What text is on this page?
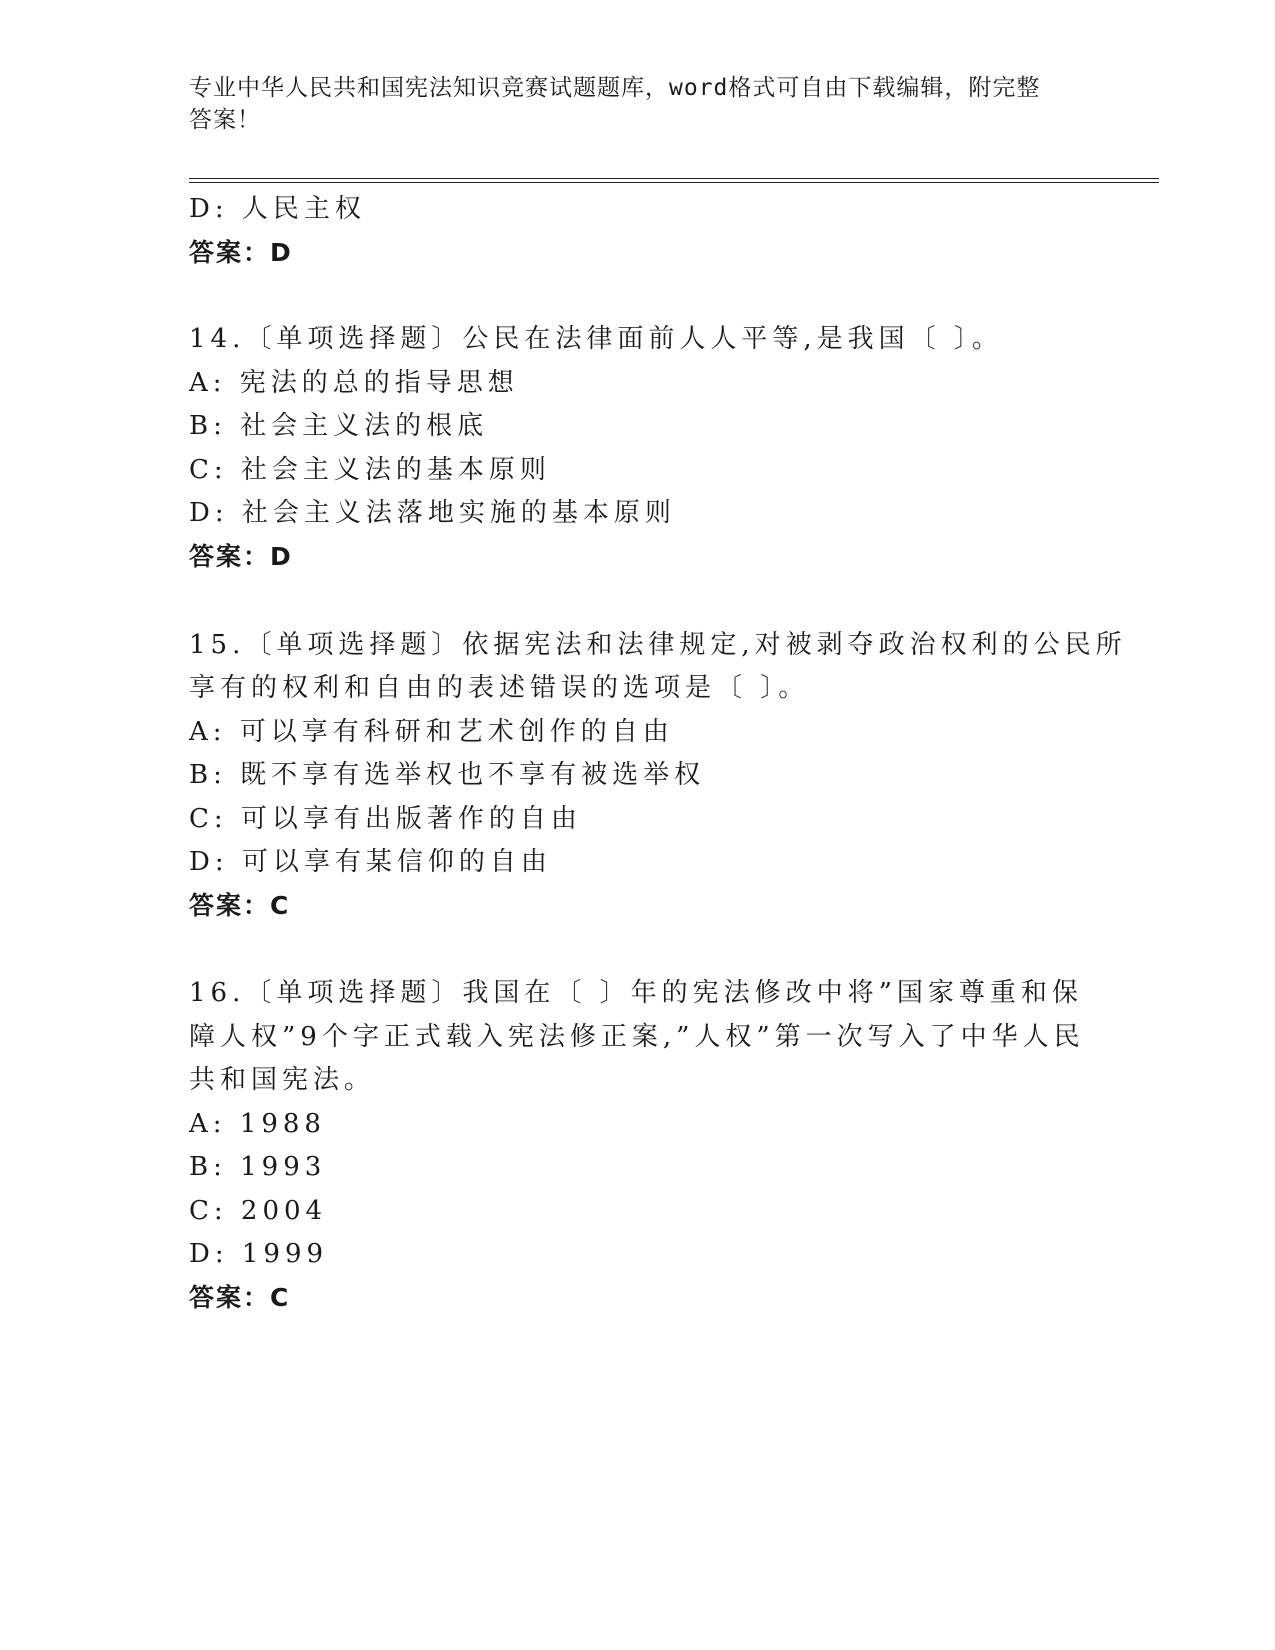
专业中华人民共和国宪法知识竞赛试题题库，word格式可自由下载编辑，附完整
答案！
D: 人民主权
答案：D
14.〔单项选择题〕公民在法律面前人人平等,是我国〔 〕。
A: 宪法的总的指导思想
B: 社会主义法的根底
C: 社会主义法的基本原则
D: 社会主义法落地实施的基本原则
答案：D
15.〔单项选择题〕依据宪法和法律规定,对被剥夺政治权利的公民所
享有的权利和自由的表述错误的选项是〔 〕。
A: 可以享有科研和艺术创作的自由
B: 既不享有选举权也不享有被选举权
C: 可以享有出版著作的自由
D: 可以享有某信仰的自由
答案：C
16.〔单项选择题〕我国在〔 〕年的宪法修改中将”国家尊重和保
障人权”9个字正式载入宪法修正案,”人权”第一次写入了中华人民
共和国宪法。
A: 1988
B: 1993
C: 2004
D: 1999
答案：C
